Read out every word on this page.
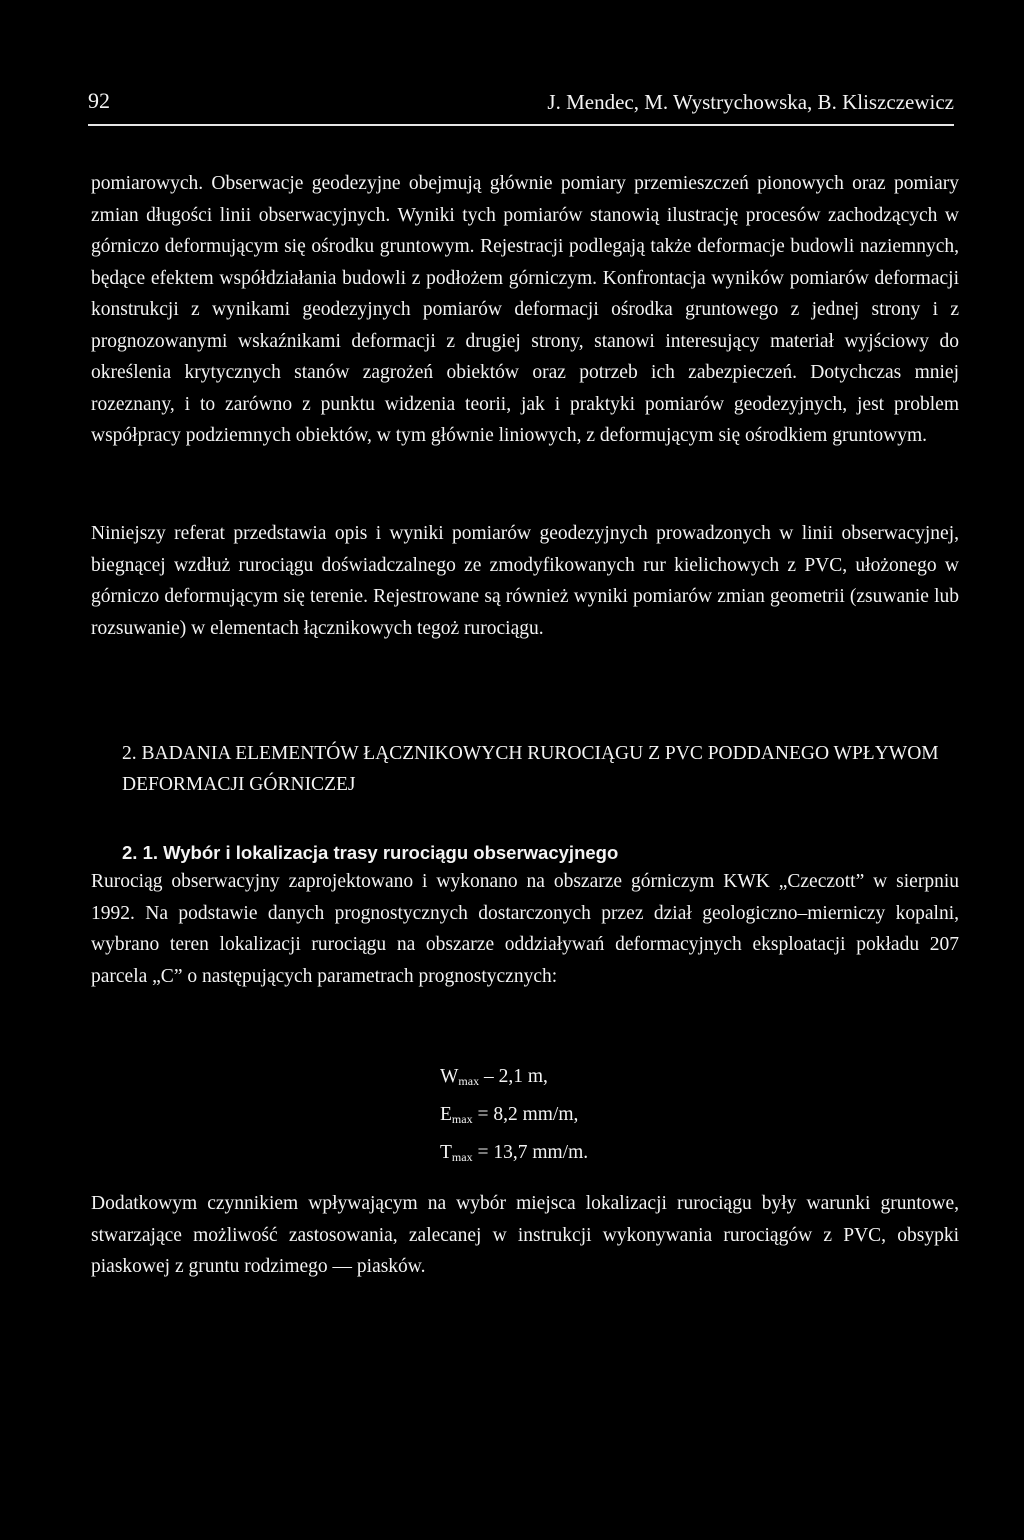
92	J. Mendec, M. Wystrychowska, B. Kliszczewicz

pomiarowych. Obserwacje geodezyjne obejmują głównie pomiary przemieszczeń pionowych oraz pomiary zmian długości linii obserwacyjnych. Wyniki tych pomiarów stanowią ilustrację procesów zachodzących w górniczo deformującym się ośrodku gruntowym. Rejestracji podlegają także deformacje budowli naziemnych, będące efektem współdziałania budowli z podłożem górniczym. Konfrontacja wyników pomiarów deformacji konstrukcji z wynikami geodezyjnych pomiarów deformacji ośrodka gruntowego z jednej strony i z prognozowanymi wskaźnikami deformacji z drugiej strony, stanowi interesujący materiał wyjściowy do określenia krytycznych stanów zagrożeń obiektów oraz potrzeb ich zabezpieczeń. Dotychczas mniej rozeznany, i to zarówno z punktu widzenia teorii, jak i praktyki pomiarów geodezyjnych, jest problem współpracy podziemnych obiektów, w tym głównie liniowych, z deformującym się ośrodkiem gruntowym.

Niniejszy referat przedstawia opis i wyniki pomiarów geodezyjnych prowadzonych w linii obserwacyjnej, biegnącej wzdłuż rurociągu doświadczalnego ze zmodyfikowanych rur kielichowych z PVC, ułożonego w górniczo deformującym się terenie. Rejestrowane są również wyniki pomiarów zmian geometrii (zsuwanie lub rozsuwanie) w elementach łącznikowych tegoż rurociągu.

2. BADANIA ELEMENTÓW ŁĄCZNIKOWYCH RUROCIĄGU Z PVC PODDANEGO WPŁYWOM DEFORMACJI GÓRNICZEJ

2. 1. Wybór i lokalizacja trasy rurociągu obserwacyjnego

Rurociąg obserwacyjny zaprojektowano i wykonano na obszarze górniczym KWK „Czeczott” w sierpniu 1992. Na podstawie danych prognostycznych dostarczonych przez dział geologiczno–mierniczy kopalni, wybrano teren lokalizacji rurociągu na obszarze oddziaływań deformacyjnych eksploatacji pokładu 207 parcela „C” o następujących parametrach prognostycznych:

$W_{max} - 2,1$ m,
$E_{max} = 8,2$ mm/m,
$T_{max} = 13,7$ mm/m.

Dodatkowym czynnikiem wpływającym na wybór miejsca lokalizacji rurociągu były warunki gruntowe, stwarzające możliwość zastosowania, zalecanej w instrukcji wykonywania rurociągów z PVC, obsypki piaskowej z gruntu rodzimego — piasków.
